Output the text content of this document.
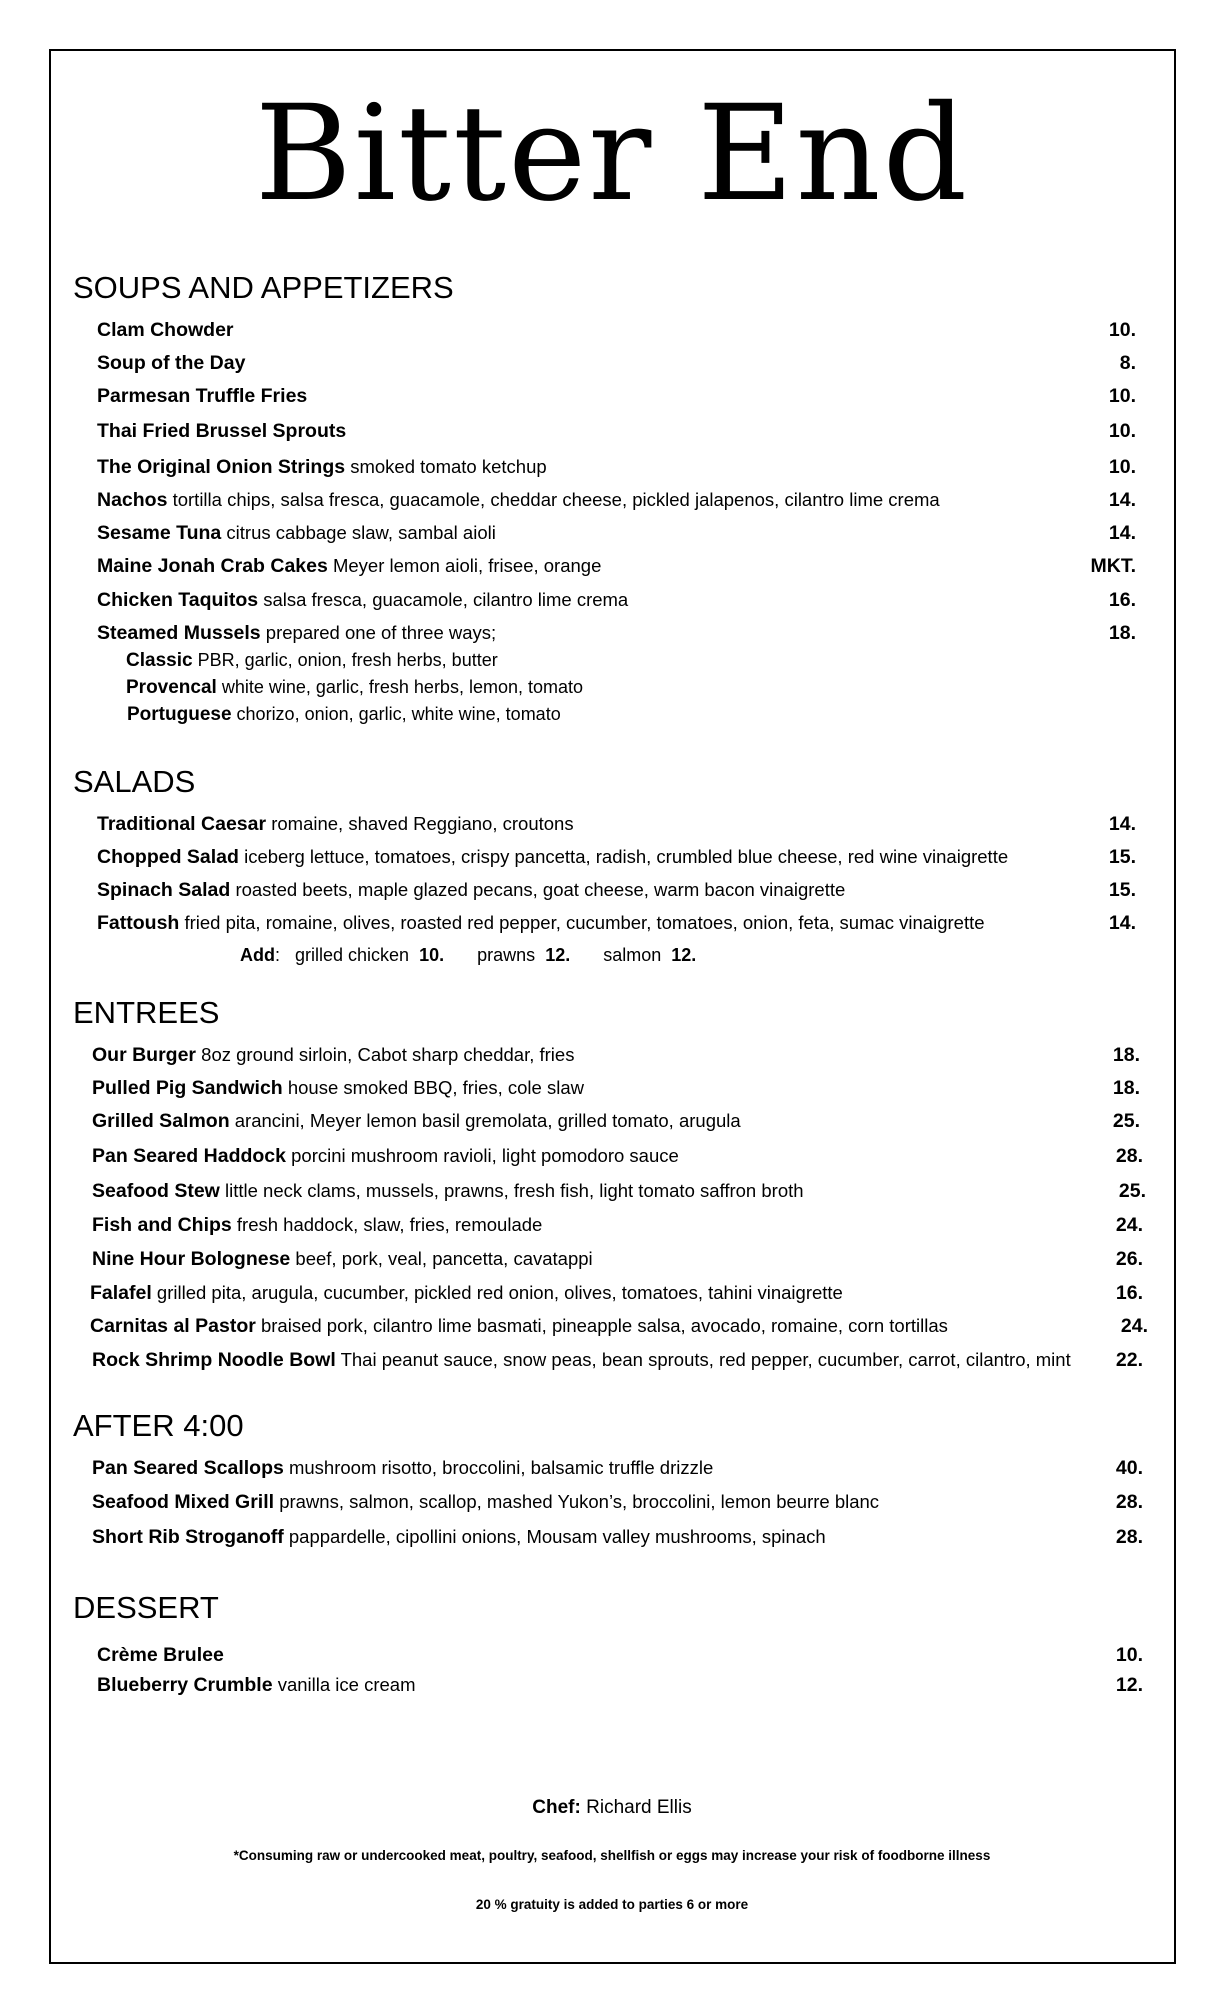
Bitter End
SOUPS AND APPETIZERS
Clam Chowder	10.
Soup of the Day	8.
Parmesan Truffle Fries	10.
Thai Fried Brussel Sprouts	10.
The Original Onion Strings smoked tomato ketchup	10.
Nachos tortilla chips, salsa fresca, guacamole, cheddar cheese, pickled jalapenos, cilantro lime crema	14.
Sesame Tuna citrus cabbage slaw, sambal aioli	14.
Maine Jonah Crab Cakes Meyer lemon aioli, frisee, orange	MKT.
Chicken Taquitos salsa fresca, guacamole, cilantro lime crema	16.
Steamed Mussels prepared one of three ways;	18.
Classic PBR, garlic, onion, fresh herbs, butter
Provencal white wine, garlic, fresh herbs, lemon, tomato
Portuguese chorizo, onion, garlic, white wine, tomato
SALADS
Traditional Caesar romaine, shaved Reggiano, croutons	14.
Chopped Salad iceberg lettuce, tomatoes, crispy pancetta, radish, crumbled blue cheese, red wine vinaigrette	15.
Spinach Salad roasted beets, maple glazed pecans, goat cheese, warm bacon vinaigrette	15.
Fattoush fried pita, romaine, olives, roasted red pepper, cucumber, tomatoes, onion, feta, sumac vinaigrette	14.
Add:   grilled chicken 10. prawns 12. salmon 12.
ENTREES
Our Burger 8oz ground sirloin, Cabot sharp cheddar, fries	18.
Pulled Pig Sandwich house smoked BBQ, fries, cole slaw	18.
Grilled Salmon arancini, Meyer lemon basil gremolata, grilled tomato, arugula	25.
Pan Seared Haddock porcini mushroom ravioli, light pomodoro sauce	28.
Seafood Stew little neck clams, mussels, prawns, fresh fish, light tomato saffron broth	25.
Fish and Chips fresh haddock, slaw, fries, remoulade	24.
Nine Hour Bolognese beef, pork, veal, pancetta, cavatappi	26.
Falafel grilled pita, arugula, cucumber, pickled red onion, olives, tomatoes, tahini vinaigrette	16.
Carnitas al Pastor braised pork, cilantro lime basmati, pineapple salsa, avocado, romaine, corn tortillas	24.
Rock Shrimp Noodle Bowl Thai peanut sauce, snow peas, bean sprouts, red pepper, cucumber, carrot, cilantro, mint 22.
AFTER 4:00
Pan Seared Scallops mushroom risotto, broccolini, balsamic truffle drizzle	40.
Seafood Mixed Grill prawns, salmon, scallop, mashed Yukon’s, broccolini, lemon beurre blanc	28.
Short Rib Stroganoff pappardelle, cipollini onions, Mousam valley mushrooms, spinach	28.
DESSERT
Crème Brulee	10.
Blueberry Crumble vanilla ice cream	12.
Chef: Richard Ellis
*Consuming raw or undercooked meat, poultry, seafood, shellfish or eggs may increase your risk of foodborne illness
20 % gratuity is added to parties 6 or more
